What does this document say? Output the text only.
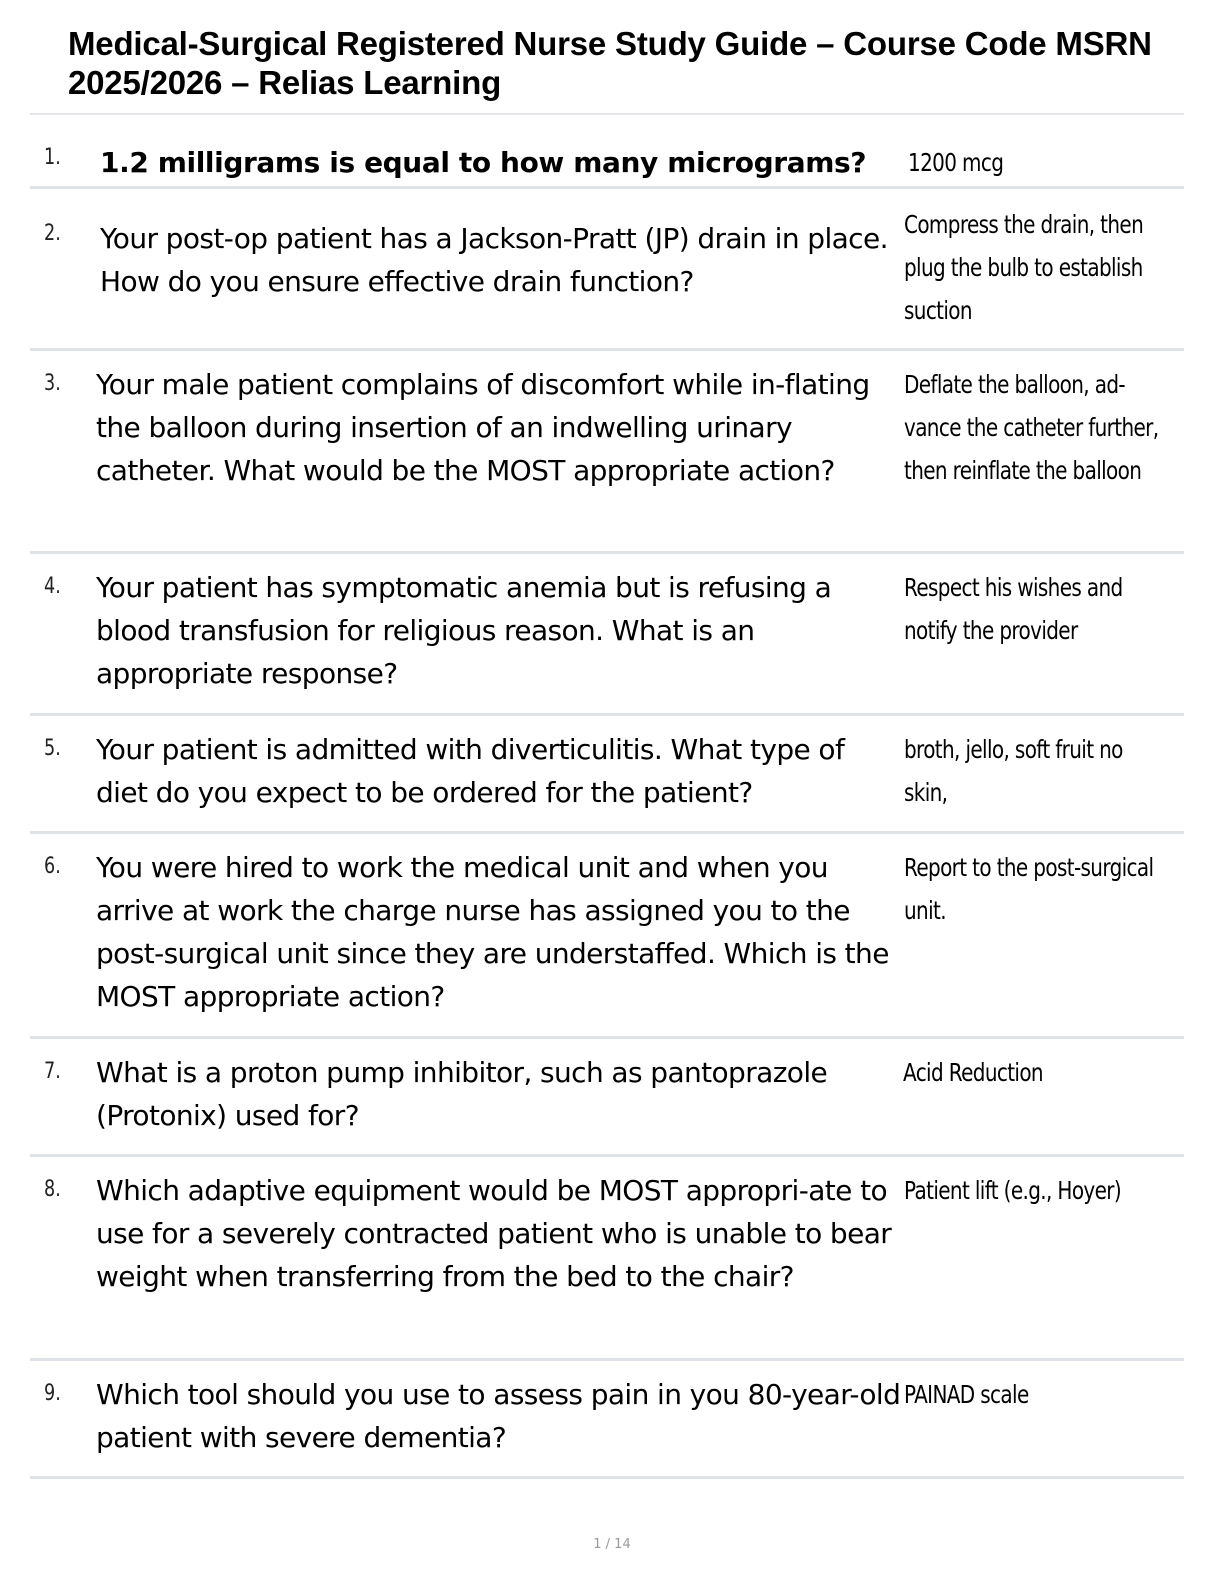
Medical-Surgical Registered Nurse Study Guide – Course Code MSRN 2025/2026 – Relias Learning
1. 1.2 milligrams is equal to how many micrograms?	1200 mcg
2. Your post-op patient has a Jackson-Pratt (JP) drain in place. How do you ensure effective drain function?
Compress the drain, then plug the bulb to establish suction
3. Your male patient complains of discomfort while in-flating the balloon during insertion of an indwelling urinary catheter. What would be the MOST appropriate action?
Deflate the balloon, ad-vance the catheter further, then reinflate the balloon
4. Your patient has symptomatic anemia but is refusing a blood transfusion for religious reason. What is an appropriate response?
Respect his wishes and notify the provider
5. Your patient is admitted with diverticulitis. What type of diet do you expect to be ordered for the patient?
broth, jello, soft fruit no skin,
6. You were hired to work the medical unit and when you arrive at work the charge nurse has assigned you to the post-surgical unit since they are understaffed. Which is the MOST appropriate action?
Report to the post-surgical unit.
7. What is a proton pump inhibitor, such as pantoprazole (Protonix) used for?
Acid Reduction
8. Which adaptive equipment would be MOST appropri-ate to use for a severely contracted patient who is unable to bear weight when transferring from the bed to the chair?
Patient lift (e.g., Hoyer)
9. Which tool should you use to assess pain in you 80-year-old patient with severe dementia?
PAINAD scale
1 / 14
